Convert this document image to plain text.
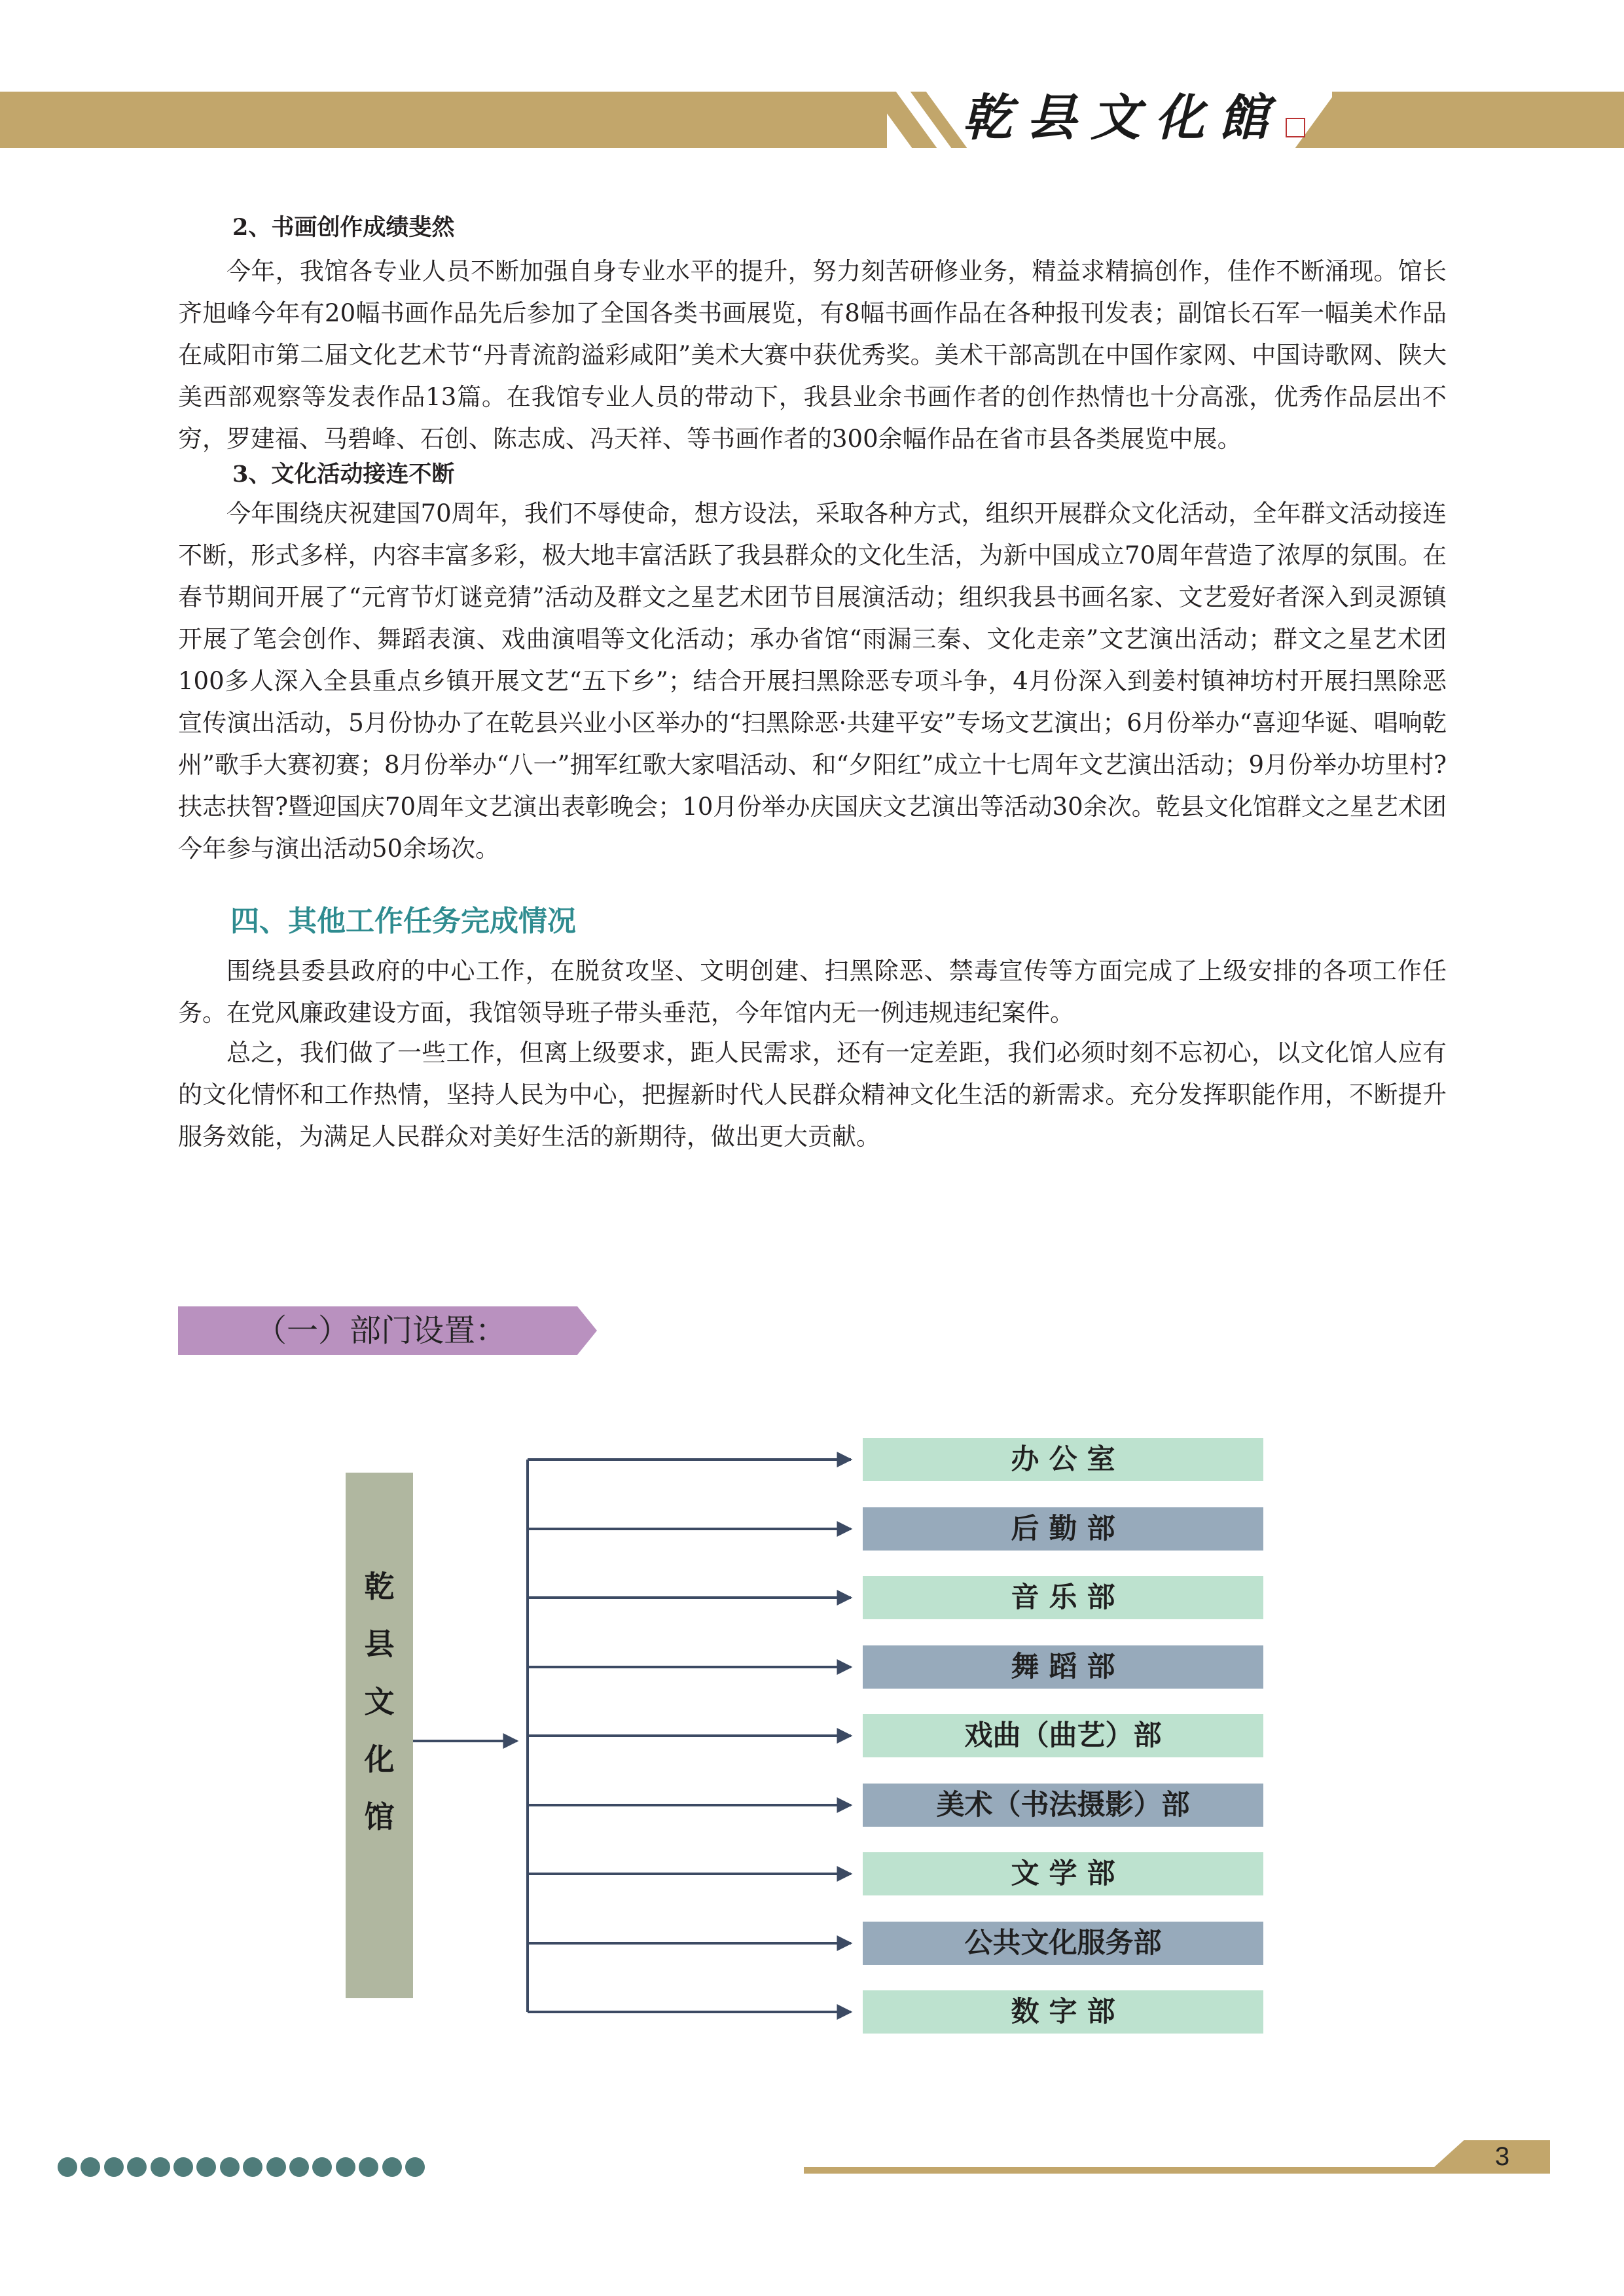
乾县文化館
2、书画创作成绩斐然
今年，我馆各专业人员不断加强自身专业水平的提升，努力刻苦研修业务，精益求精搞创作，佳作不断涌现。馆长齐旭峰今年有20幅书画作品先后参加了全国各类书画展览，有8幅书画作品在各种报刊发表；副馆长石军一幅美术作品在咸阳市第二届文化艺术节“丹青流韵溢彩咸阳”美术大赛中获优秀奖。美术干部高凯在中国作家网、中国诗歌网、陕大美西部观察等发表作品13篇。在我馆专业人员的带动下，我县业余书画作者的创作热情也十分高涨，优秀作品层出不穷，罗建福、马碧峰、石创、陈志成、冯天祥、等书画作者的300余幅作品在省市县各类展览中展。
3、文化活动接连不断
今年围绕庆祝建国70周年，我们不辱使命，想方设法，采取各种方式，组织开展群众文化活动，全年群文活动接连不断，形式多样，内容丰富多彩，极大地丰富活跃了我县群众的文化生活，为新中国成立70周年营造了浓厚的氛围。在春节期间开展了“元宵节灯谜竞猜”活动及群文之星艺术团节目展演活动；组织我县书画名家、文艺爱好者深入到灵源镇开展了笔会创作、舞蹈表演、戏曲演唱等文化活动；承办省馆“雨漏三秦、文化走亲”文艺演出活动；群文之星艺术团100多人深入全县重点乡镇开展文艺“五下乡”；结合开展扫黑除恶专项斗争，4月份深入到姜村镇神坊村开展扫黑除恶宣传演出活动，5月份协办了在乾县兴业小区举办的“扫黑除恶·共建平安”专场文艺演出；6月份举办“喜迎华诞、唱响乾州”歌手大赛初赛；8月份举办“八一”拥军红歌大家唱活动、和“夕阳红”成立十七周年文艺演出活动；9月份举办坊里村?扶志扶智?暨迎国庆70周年文艺演出表彰晚会；10月份举办庆国庆文艺演出等活动30余次。乾县文化馆群文之星艺术团今年参与演出活动50余场次。
四、其他工作任务完成情况
围绕县委县政府的中心工作，在脱贫攻坚、文明创建、扫黑除恶、禁毒宣传等方面完成了上级安排的各项工作任务。在党风廉政建设方面，我馆领导班子带头垂范，今年馆内无一例违规违纪案件。
总之，我们做了一些工作，但离上级要求，距人民需求，还有一定差距，我们必须时刻不忘初心，以文化馆人应有的文化情怀和工作热情，坚持人民为中心，把握新时代人民群众精神文化生活的新需求。充分发挥职能作用，不断提升服务效能，为满足人民群众对美好生活的新期待，做出更大贡献。
（一）部门设置：
乾
县
文
化
馆
办 公 室
后 勤 部
音 乐 部
舞 蹈 部
戏曲（曲艺）部
美术（书法摄影）部
文 学 部
公共文化服务部
数 字 部
3
